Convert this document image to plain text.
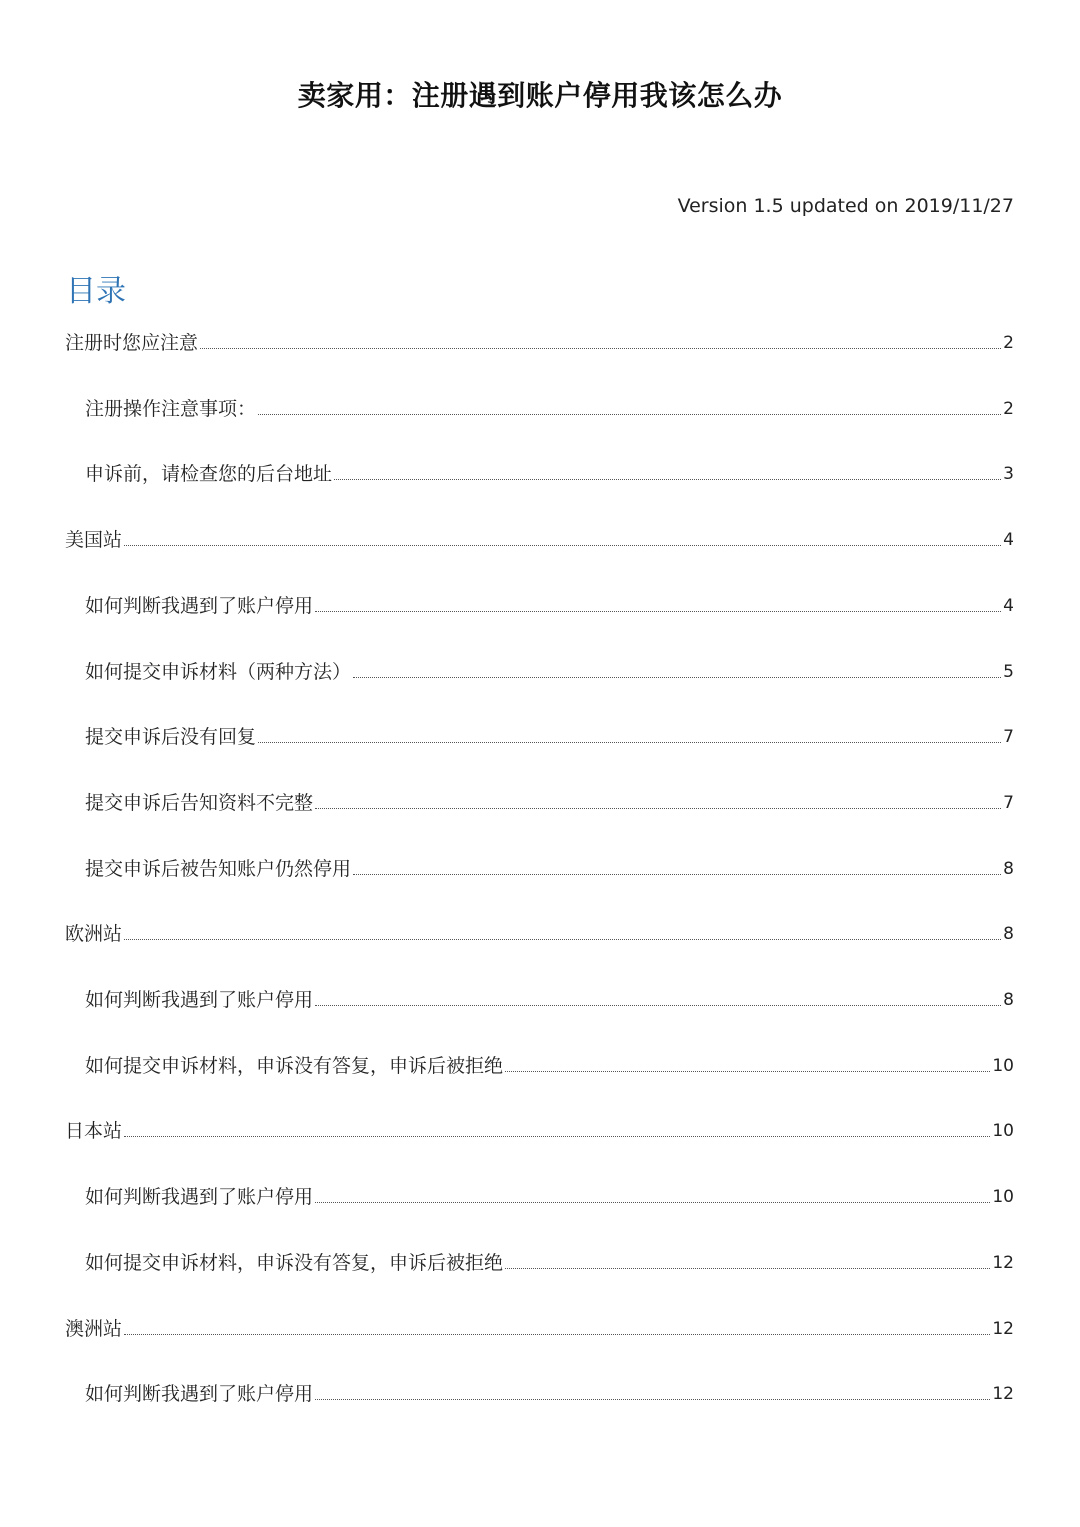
卖家用：注册遇到账户停用我该怎么办
Version 1.5 updated on 2019/11/27
目录
注册时您应注意	2
注册操作注意事项：	2
申诉前，请检查您的后台地址	3
美国站	4
如何判断我遇到了账户停用	4
如何提交申诉材料（两种方法）	5
提交申诉后没有回复	7
提交申诉后告知资料不完整	7
提交申诉后被告知账户仍然停用	8
欧洲站	8
如何判断我遇到了账户停用	8
如何提交申诉材料，申诉没有答复，申诉后被拒绝	10
日本站	10
如何判断我遇到了账户停用	10
如何提交申诉材料，申诉没有答复，申诉后被拒绝	12
澳洲站	12
如何判断我遇到了账户停用	12
